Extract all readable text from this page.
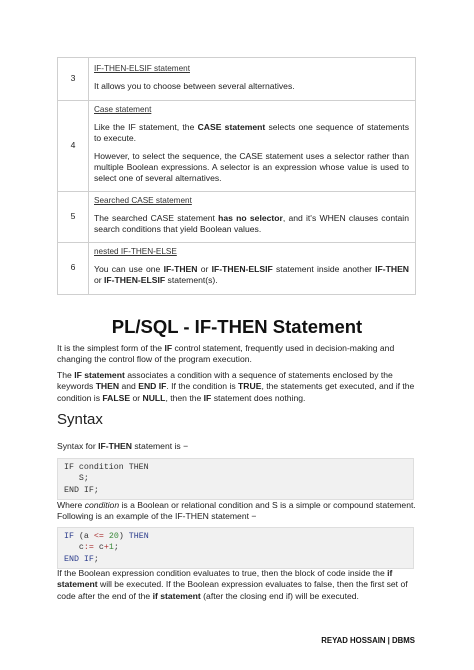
3	IF-THEN-ELSIF statement
It allows you to choose between several alternatives.

4	Case statement
Like the IF statement, the CASE statement selects one sequence of statements to execute.
However, to select the sequence, the CASE statement uses a selector rather than multiple Boolean expressions. A selector is an expression whose value is used to select one of several alternatives.

5	Searched CASE statement
The searched CASE statement has no selector, and it's WHEN clauses contain search conditions that yield Boolean values.

6	nested IF-THEN-ELSE
You can use one IF-THEN or IF-THEN-ELSIF statement inside another IF-THEN or IF-THEN-ELSIF statement(s).
PL/SQL - IF-THEN Statement
It is the simplest form of the IF control statement, frequently used in decision-making and changing the control flow of the program execution.
The IF statement associates a condition with a sequence of statements enclosed by the keywords THEN and END IF. If the condition is TRUE, the statements get executed, and if the condition is FALSE or NULL, then the IF statement does nothing.
Syntax
Syntax for IF-THEN statement is −
IF condition THEN
S;
END IF;
Where condition is a Boolean or relational condition and S is a simple or compound statement. Following is an example of the IF-THEN statement −
IF (a <= 20) THEN
c:= c+1;
END IF;
If the Boolean expression condition evaluates to true, then the block of code inside the if statement will be executed. If the Boolean expression evaluates to false, then the first set of code after the end of the if statement (after the closing end if) will be executed.
REYAD HOSSAIN | DBMS
